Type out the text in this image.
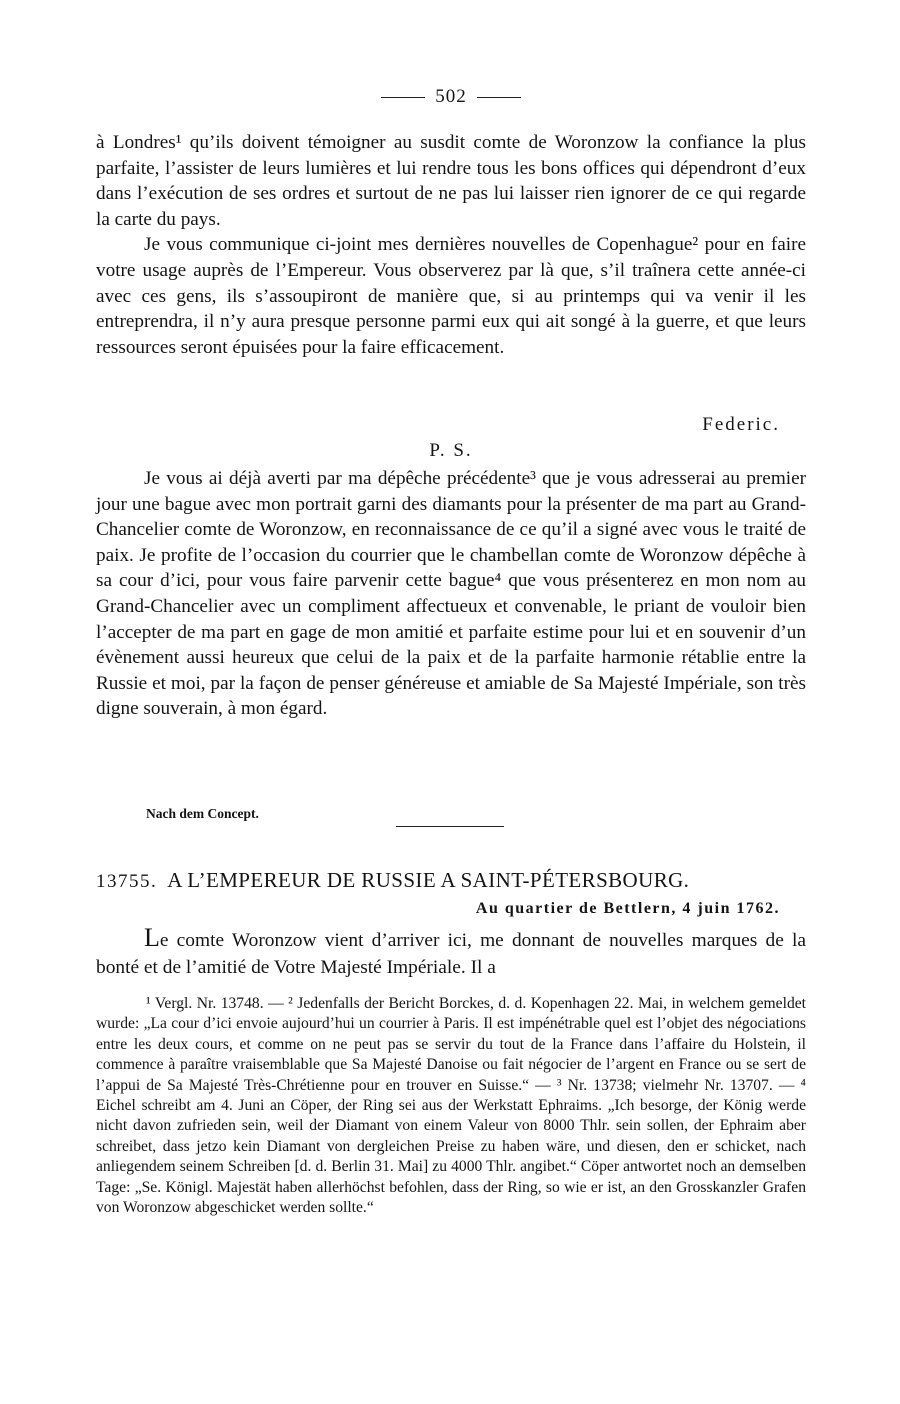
502

à Londres¹ qu’ils doivent témoigner au susdit comte de Woronzow la confiance la plus parfaite, l’assister de leurs lumières et lui rendre tous les bons offices qui dépendront d’eux dans l’exécution de ses ordres et surtout de ne pas lui laisser rien ignorer de ce qui regarde la carte du pays.

Je vous communique ci-joint mes dernières nouvelles de Copenhague² pour en faire votre usage auprès de l’Empereur. Vous observerez par là que, s’il traînera cette année-ci avec ces gens, ils s’assoupiront de manière que, si au printemps qui va venir il les entreprendra, il n’y aura presque personne parmi eux qui ait songé à la guerre, et que leurs ressources seront épuisées pour la faire efficacement.

Federic.
P. S.

Je vous ai déjà averti par ma dépêche précédente³ que je vous adresserai au premier jour une bague avec mon portrait garni des diamants pour la présenter de ma part au Grand-Chancelier comte de Woronzow, en reconnaissance de ce qu’il a signé avec vous le traité de paix. Je profite de l’occasion du courrier que le chambellan comte de Woronzow dépêche à sa cour d’ici, pour vous faire parvenir cette bague⁴ que vous présenterez en mon nom au Grand-Chancelier avec un compliment affectueux et convenable, le priant de vouloir bien l’accepter de ma part en gage de mon amitié et parfaite estime pour lui et en souvenir d’un évènement aussi heureux que celui de la paix et de la parfaite harmonie rétablie entre la Russie et moi, par la façon de penser généreuse et amiable de Sa Majesté Impériale, son très digne souverain, à mon égard.

Nach dem Concept.
13755. A L’EMPEREUR DE RUSSIE A SAINT-PÉTERSBOURG.
Au quartier de Bettlern, 4 juin 1762.

Le comte Woronzow vient d’arriver ici, me donnant de nouvelles marques de la bonté et de l’amitié de Votre Majesté Impériale. Il a

¹ Vergl. Nr. 13748. — ² Jedenfalls der Bericht Borckes, d. d. Kopenhagen 22. Mai, in welchem gemeldet wurde: „La cour d’ici envoie aujourd’hui un courrier à Paris. Il est impénétrable quel est l’objet des négociations entre les deux cours, et comme on ne peut pas se servir du tout de la France dans l’affaire du Holstein, il commence à paraître vraisemblable que Sa Majesté Danoise ou fait négocier de l’argent en France ou se sert de l’appui de Sa Majesté Très-Chrétienne pour en trouver en Suisse.“ — ³ Nr. 13738; vielmehr Nr. 13707. — ⁴ Eichel schreibt am 4. Juni an Cöper, der Ring sei aus der Werkstatt Ephraims. „Ich besorge, der König werde nicht davon zufrieden sein, weil der Diamant von einem Valeur von 8000 Thlr. sein sollen, der Ephraim aber schreibet, dass jetzo kein Diamant von dergleichen Preise zu haben wäre, und diesen, den er schicket, nach anliegendem seinem Schreiben [d. d. Berlin 31. Mai] zu 4000 Thlr. angibet.“ Cöper antwortet noch an demselben Tage: „Se. Königl. Majestät haben allerhöchst befohlen, dass der Ring, so wie er ist, an den Grosskanzler Grafen von Woronzow abgeschicket werden sollte.“
